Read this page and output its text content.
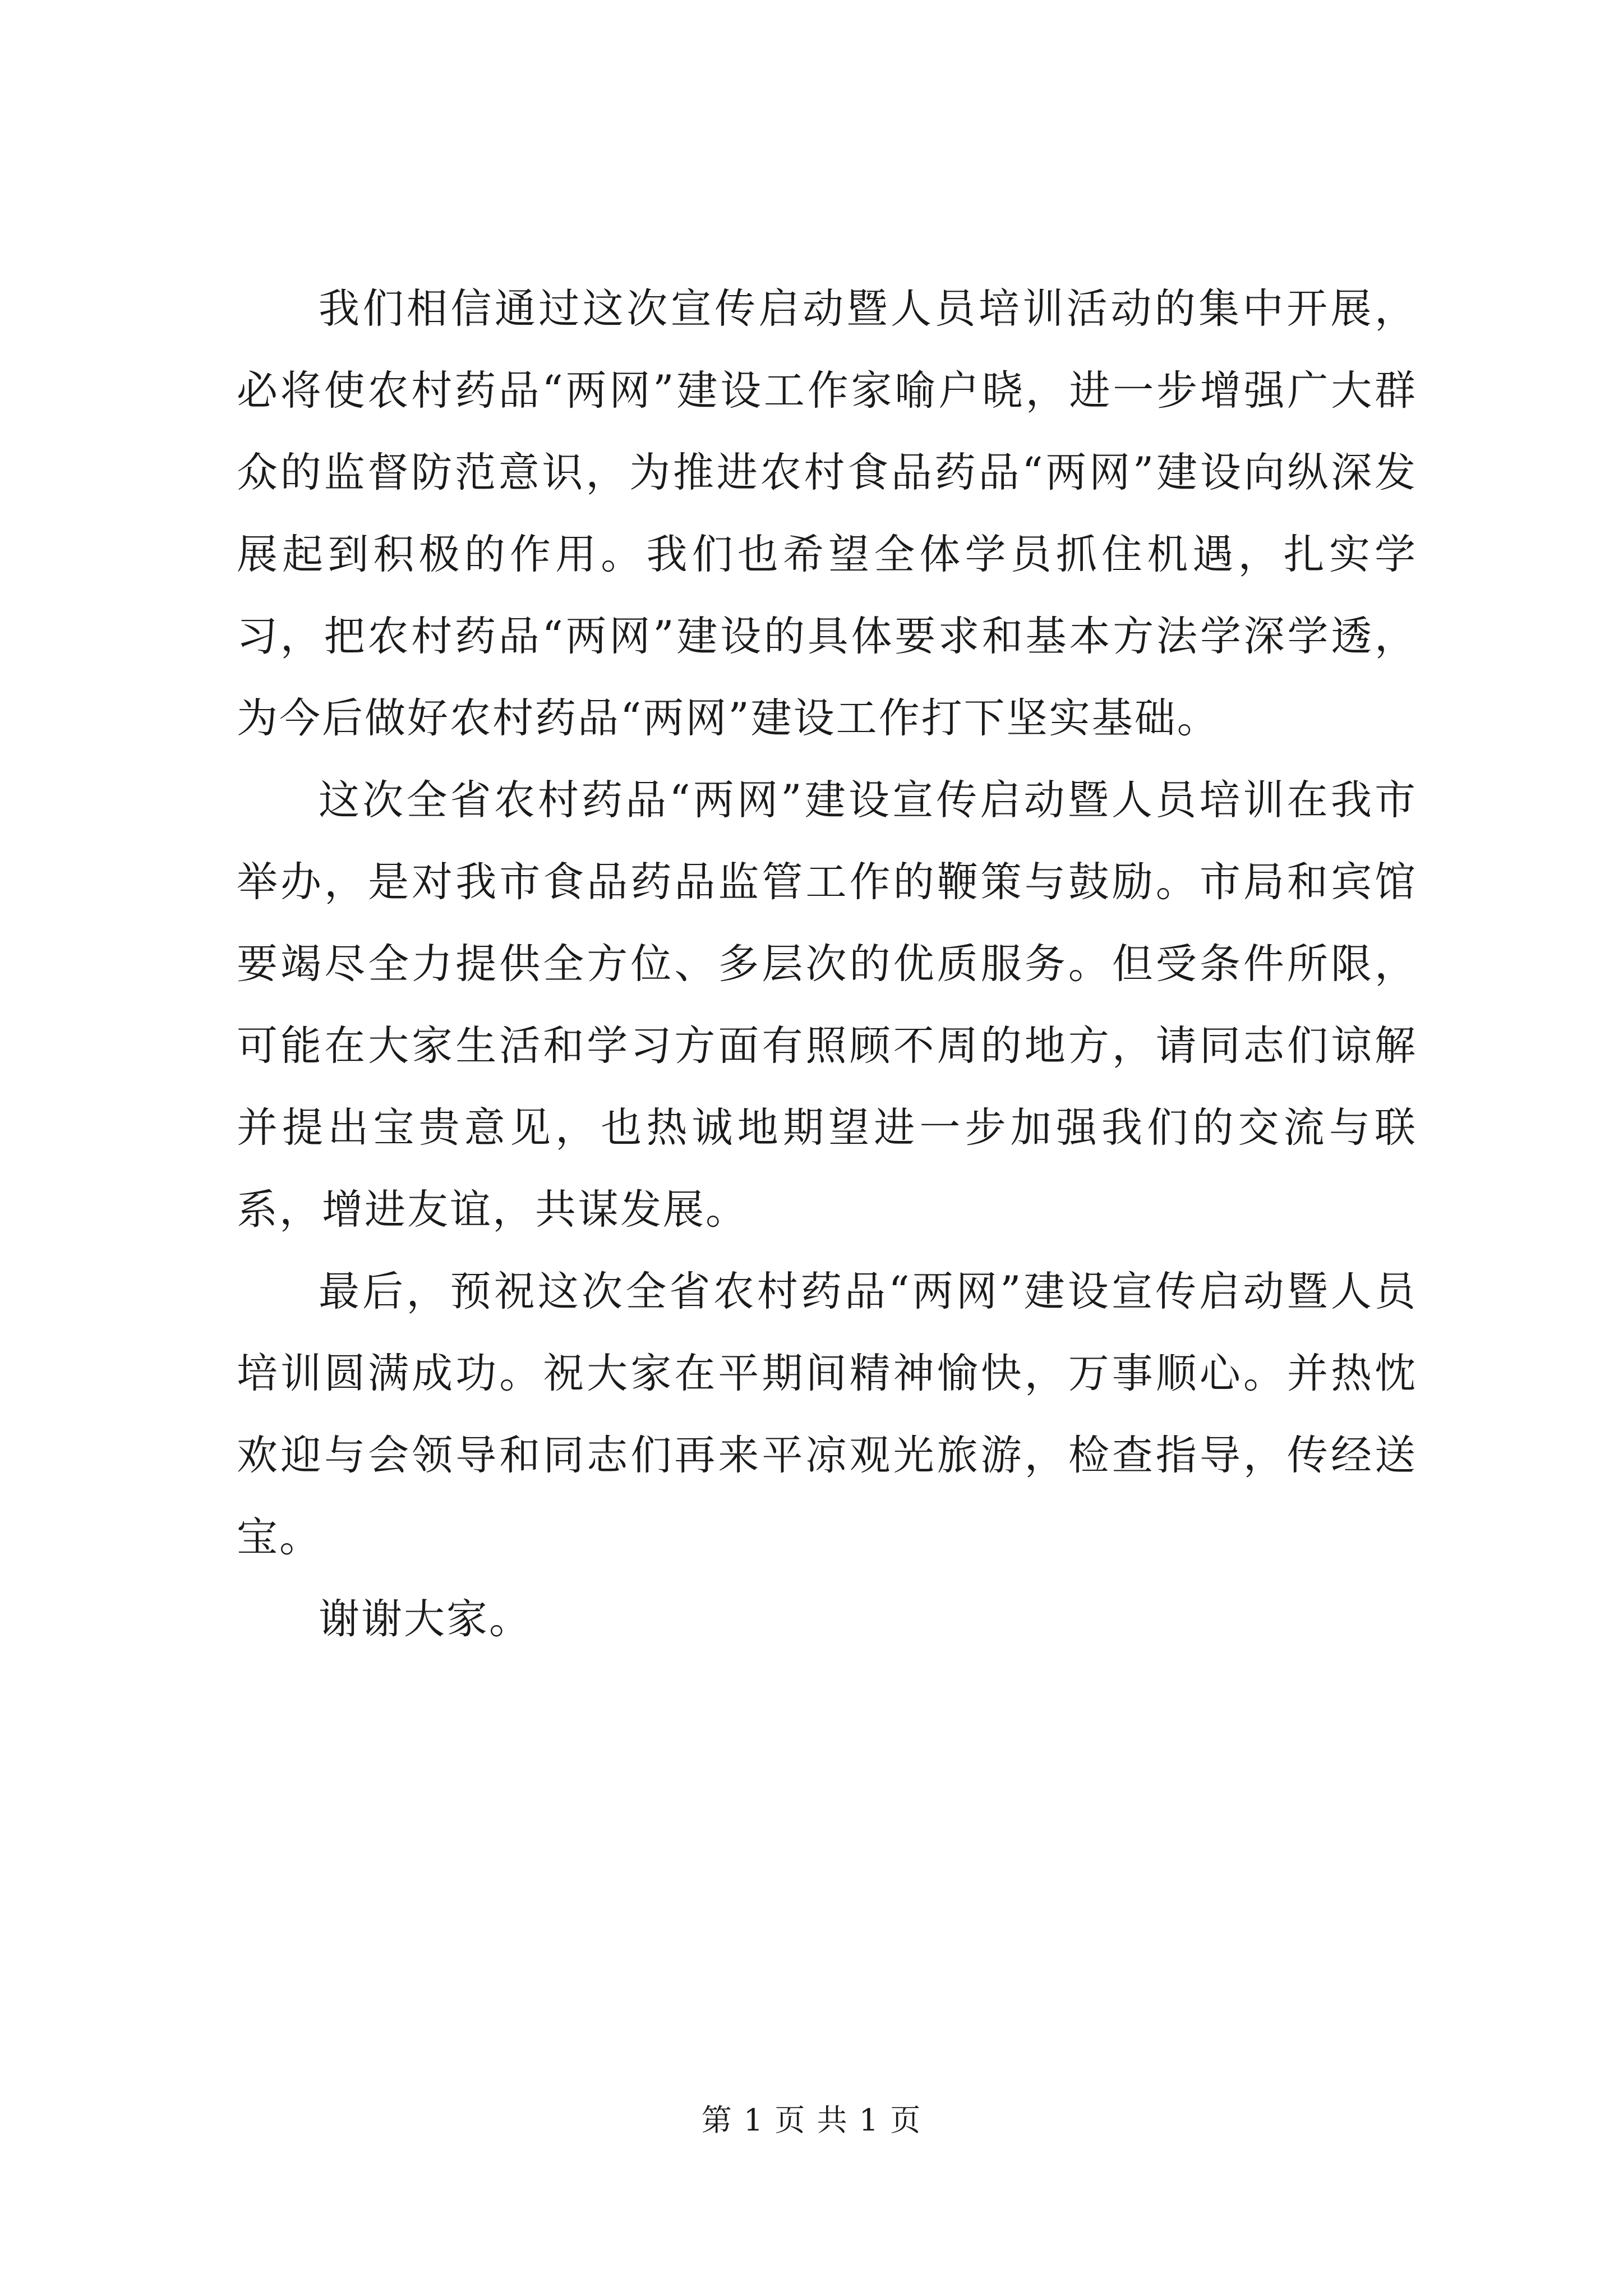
我们相信通过这次宣传启动暨人员培训活动的集中开展，必将使农村药品“两网”建设工作家喻户晓，进一步增强广大群众的监督防范意识，为推进农村食品药品“两网”建设向纵深发展起到积极的作用。我们也希望全体学员抓住机遇，扎实学习，把农村药品“两网”建设的具体要求和基本方法学深学透，为今后做好农村药品“两网”建设工作打下坚实基础。

这次全省农村药品“两网”建设宣传启动暨人员培训在我市举办，是对我市食品药品监管工作的鞭策与鼓励。市局和宾馆要竭尽全力提供全方位、多层次的优质服务。但受条件所限，可能在大家生活和学习方面有照顾不周的地方，请同志们谅解并提出宝贵意见，也热诚地期望进一步加强我们的交流与联系，增进友谊，共谋发展。

最后，预祝这次全省农村药品“两网”建设宣传启动暨人员培训圆满成功。祝大家在平期间精神愉快，万事顺心。并热忱欢迎与会领导和同志们再来平凉观光旅游，检查指导，传经送宝。

谢谢大家。

第 1 页 共 1 页
